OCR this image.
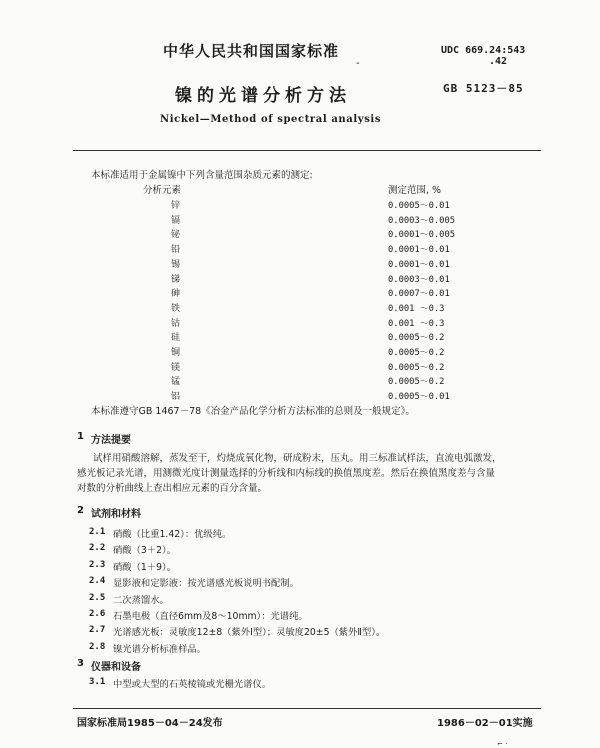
中华人民共和国国家标准
‐
UDC 669.24:543
.42
GB 5123－85
镍的光谱分析方法
Nickel—Method of spectral analysis
本标准适用于金属镍中下列含量范围杂质元素的测定:
分析元素	测定范围, %
锌	0.0005～0.01
镉	0.0003～0.005
铋	0.0001～0.005
铅	0.0001～0.01
锡	0.0001～0.01
锑	0.0003～0.01
砷	0.0007～0.01
铁	0.001 ～0.3
钴	0.001 ～0.3
硅	0.0005～0.2
铜	0.0005～0.2
镁	0.0005～0.2
锰	0.0005～0.2
铝	0.0005～0.01
本标准遵守GB 1467－78《冶金产品化学分析方法标准的总则及一般规定》。
1 方法提要
试样用硝酸溶解，蒸发至干，灼烧成氧化物，研成粉末，压丸。用三标准试样法，直流电弧激发，
感光板记录光谱，用测微光度计测量选择的分析线和内标线的换值黑度差。然后在换值黑度差与含量
对数的分析曲线上查出相应元素的百分含量。
2 试剂和材料
2.1 硝酸（比重1.42）：优级纯。
2.2 硝酸（3＋2）。
2.3 硝酸（1＋9）。
2.4 显影液和定影液：按光谱感光板说明书配制。
2.5 二次蒸馏水。
2.6 石墨电极（直径6mm及8～10mm）：光谱纯。
2.7 光谱感光板：灵敏度12±8（紫外Ⅰ型）；灵敏度20±5（紫外Ⅱ型）。
2.8 镍光谱分析标准样品。
3 仪器和设备
3.1 中型或大型的石英棱镜或光栅光谱仪。
国家标准局1985－04－24发布	1986－02－01实施
⌐ ·
